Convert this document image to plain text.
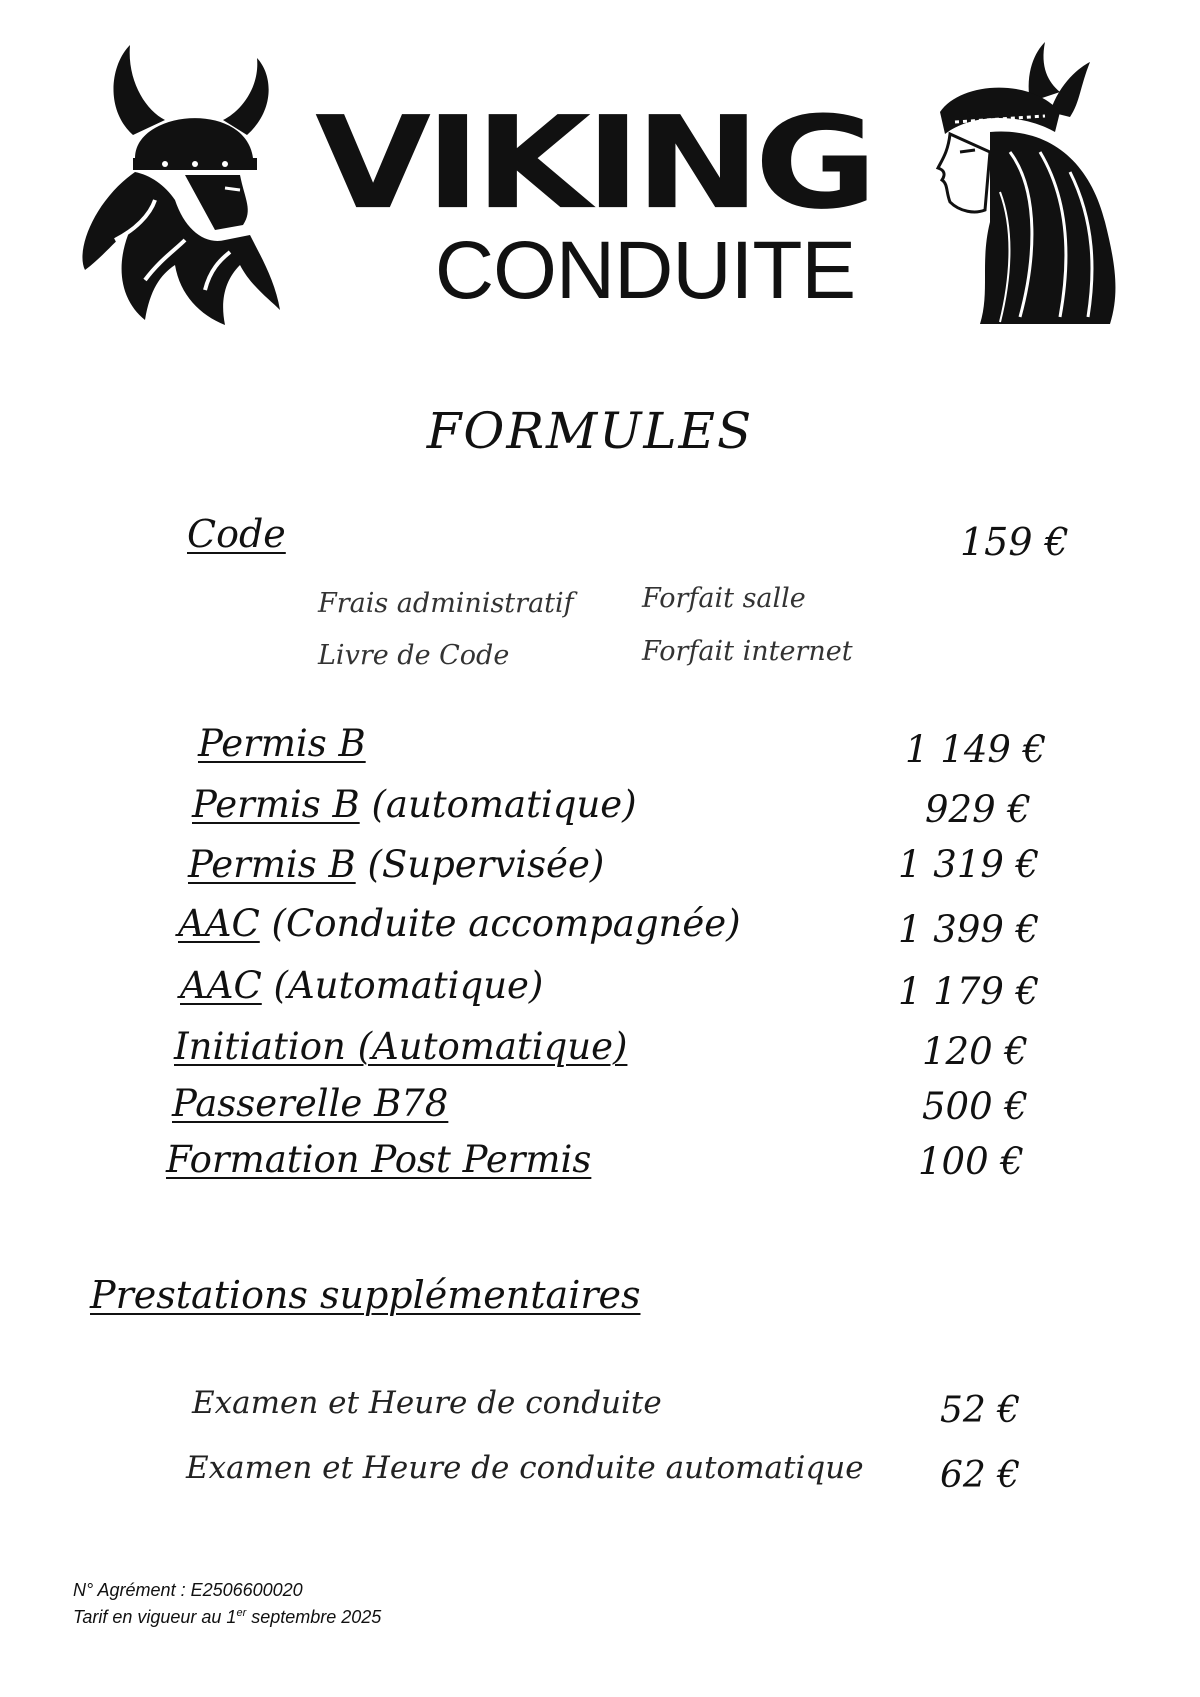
VIKING
CONDUITE
FORMULES
Code	159 €
Frais administratif	Forfait salle
Livre de Code	Forfait internet
Permis B	1 149 €
Permis B (automatique)	929 €
Permis B (Supervisée)	1 319 €
AAC (Conduite accompagnée)	1 399 €
AAC (Automatique)	1 179 €
Initiation (Automatique)	120 €
Passerelle B78	500 €
Formation Post Permis	100 €
Prestations supplémentaires
Examen et Heure de conduite	52 €
Examen et Heure de conduite automatique 62 €
N° Agrément : E2506600020
Tarif en vigueur au 1er septembre 2025
